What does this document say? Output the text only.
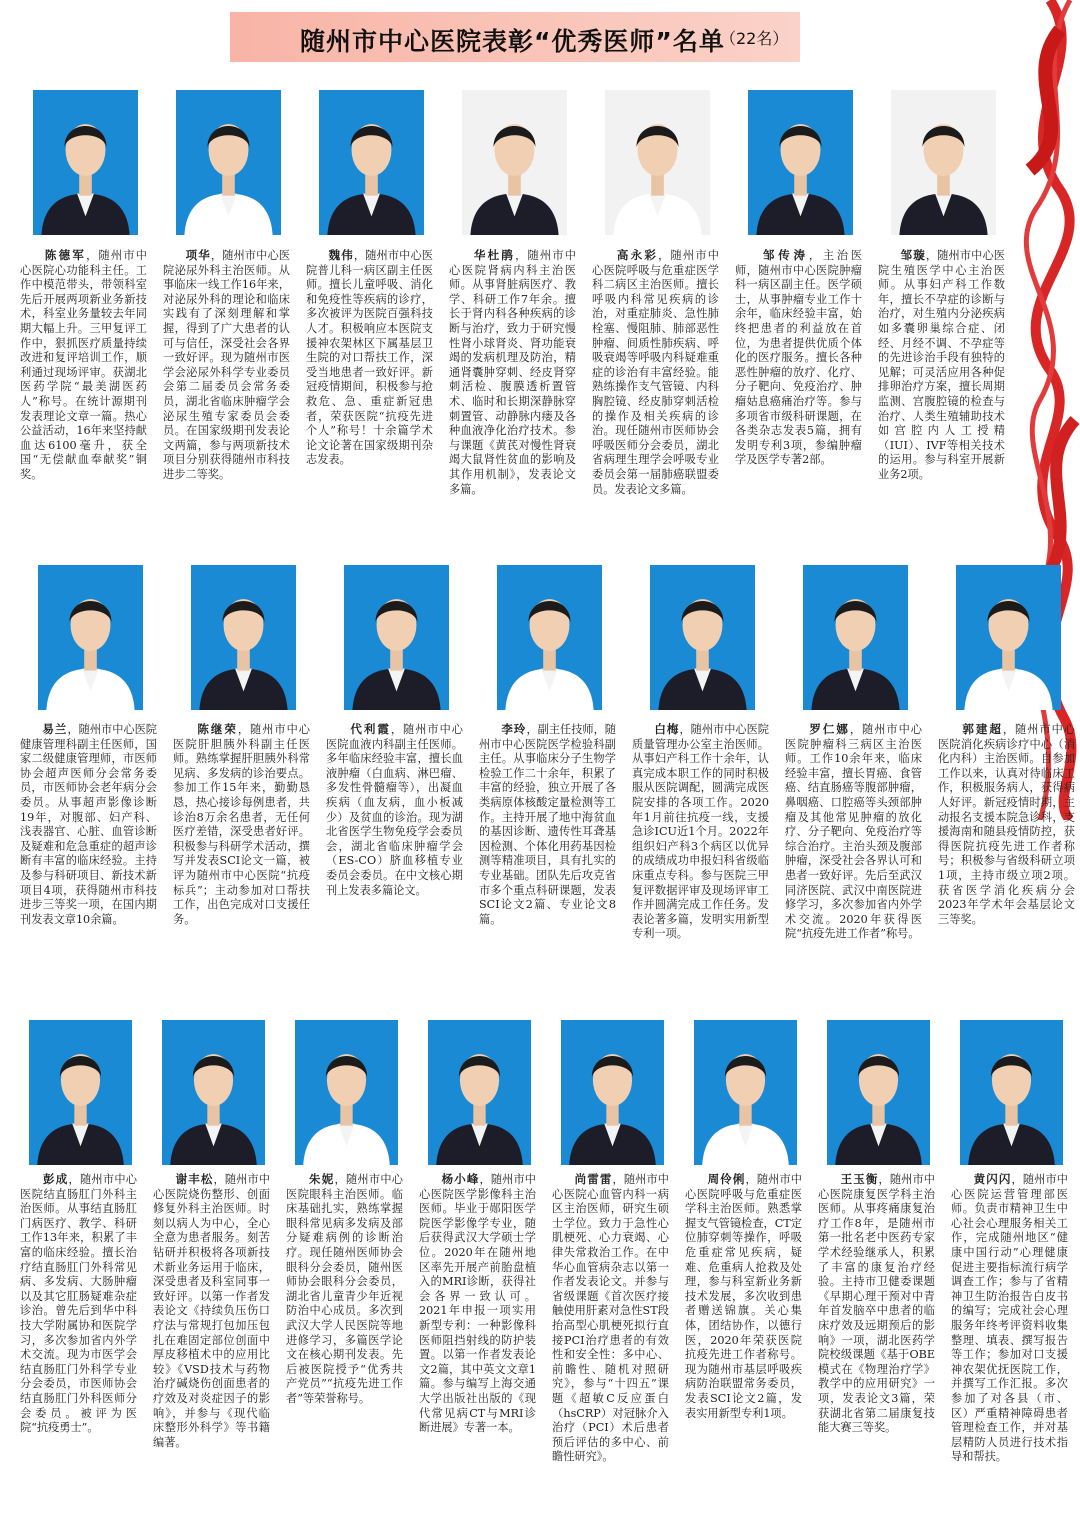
随州市中心医院表彰“优秀医师”名单
（22名）
　　陈德军，随州市中心医院心功能科主任。工作中模范带头，带领科室先后开展两项新业务新技术，科室业务量较去年同期大幅上升。三甲复评工作中，狠抓医疗质量持续改进和复评培训工作，顺利通过现场评审。获湖北医药学院“最美湖医药人”称号。在统计源期刊发表理论文章一篇。热心公益活动，16年来坚持献血达6100毫升，获全国“无偿献血奉献奖”铜奖。
　　项华，随州市中心医院泌尿外科主治医师。从事临床一线工作16年来，对泌尿外科的理论和临床实践有了深刻理解和掌握，得到了广大患者的认可与信任，深受社会各界一致好评。现为随州市医学会泌尿外科学专业委员会第二届委员会常务委员，湖北省临床肿瘤学会泌尿生殖专家委员会委员。在国家级期刊发表论文两篇，参与两项新技术项目分别获得随州市科技进步二等奖。
　　魏伟，随州市中心医院普儿科一病区副主任医师。擅长儿童呼吸、消化和免疫性等疾病的诊疗，多次被评为医院百强科技人才。积极响应本医院支援神农架林区下属基层卫生院的对口帮扶工作，深受当地患者一致好评。新冠疫情期间，积极参与抢救危、急、重症新冠患者，荣获医院“抗疫先进个人”称号！十余篇学术论文论著在国家级期刊杂志发表。
　　华杜鹃，随州市中心医院肾病内科主治医师。从事肾脏病医疗、教学、科研工作7年余。擅长于肾内科各种疾病的诊断与治疗，致力于研究慢性肾小球肾炎、肾功能衰竭的发病机理及防治，精通肾囊肿穿刺、经皮肾穿刺活检、腹膜透析置管术、临时和长期深静脉穿刺置管、动静脉内瘘及各种血液净化治疗技术。参与课题《黄芪对慢性肾衰竭大鼠肾性贫血的影响及其作用机制》，发表论文多篇。
　　高永彩，随州市中心医院呼吸与危重症医学科二病区主治医师。擅长呼吸内科常见疾病的诊治，对重症肺炎、急性肺栓塞、慢阻肺、肺部恶性肿瘤、间质性肺疾病、呼吸衰竭等呼吸内科疑难重症的诊治有丰富经验。能熟练操作支气管镜、内科胸腔镜、经皮肺穿刺活检的操作及相关疾病的诊治。现任随州市医师协会呼吸医师分会委员，湖北省病理生理学会呼吸专业委员会第一届肺癌联盟委员。发表论文多篇。
　　邹传涛，主治医师，随州市中心医院肿瘤科一病区副主任。医学硕士，从事肿瘤专业工作十余年，临床经验丰富，始终把患者的利益放在首位，为患者提供优质个体化的医疗服务。擅长各种恶性肿瘤的放疗、化疗、分子靶向、免疫治疗、肿瘤姑息癌痛治疗等。参与多项省市级科研课题，在各类杂志发表5篇，拥有发明专利3项，参编肿瘤学及医学专著2部。
　　邹璇，随州市中心医院生殖医学中心主治医师。从事妇产科工作数年，擅长不孕症的诊断与治疗，对生殖内分泌疾病如多囊卵巢综合症、闭经、月经不调、不孕症等的先进诊治手段有独特的见解；可灵活应用各种促排卵治疗方案，擅长周期监测、宫腹腔镜的检查与治疗、人类生殖辅助技术如宫腔内人工授精（IUI）、IVF等相关技术的运用。参与科室开展新业务2项。
　　易兰，随州市中心医院健康管理科副主任医师，国家二级健康管理师，市医师协会超声医师分会常务委员，市医师协会老年病分会委员。从事超声影像诊断19年，对腹部、妇产科、浅表器官、心脏、血管诊断及疑难和危急重症的超声诊断有丰富的临床经验。主持及参与科研项目、新技术新项目4项，获得随州市科技进步三等奖一项，在国内期刊发表文章10余篇。
　　陈继荣，随州市中心医院肝胆胰外科副主任医师。熟练掌握肝胆胰外科常见病、多发病的诊治要点。参加工作15年来，勤勤恳恳，热心接诊每例患者，共诊治8万余名患者，无任何医疗差错，深受患者好评。积极参与科研学术活动，撰写并发表SCI论文一篇，被评为随州市中心医院“抗疫标兵”；主动参加对口帮扶工作，出色完成对口支援任务。
　　代利霞，随州市中心医院血液内科副主任医师。多年临床经验丰富，擅长血液肿瘤（白血病、淋巴瘤、多发性骨髓瘤等），出凝血疾病（血友病，血小板减少）及贫血的诊治。现为湖北省医学生物免疫学会委员会，湖北省临床肿瘤学会（ES-CO）脐血移植专业委员会委员。在中文核心期刊上发表多篇论文。
　　李玲，副主任技师，随州市中心医院医学检验科副主任。从事临床分子生物学检验工作二十余年，积累了丰富的经验，独立开展了各类病原体核酸定量检测等工作。主持开展了地中海贫血的基因诊断、遗传性耳聋基因检测、个体化用药基因检测等精准项目，具有扎实的专业基础。团队先后攻克省市多个重点科研课题，发表SCI论文2篇、专业论文8篇。
　　白梅，随州市中心医院质量管理办公室主治医师。从事妇产科工作十余年，认真完成本职工作的同时积极服从医院调配，圆满完成医院安排的各项工作。2020年1月前往抗疫一线，支援急诊ICU近1个月。2022年组织妇产科3个病区以优异的成绩成功申报妇科省级临床重点专科。参与医院三甲复评数据评审及现场评审工作并圆满完成工作任务。发表论著多篇，发明实用新型专利一项。
　　罗仁娜，随州市中心医院肿瘤科三病区主治医师。工作10余年来，临床经验丰富，擅长胃癌、食管癌、结直肠癌等腹部肿瘤，鼻咽癌、口腔癌等头颈部肿瘤及其他常见肿瘤的放化疗、分子靶向、免疫治疗等综合治疗。主治头颈及腹部肿瘤，深受社会各界认可和患者一致好评。先后至武汉同济医院、武汉中南医院进修学习，多次参加省内外学术交流。2020年获得医院“抗疫先进工作者”称号。
　　郭建超，随州市中心医院消化疾病诊疗中心（消化内科）主治医师。自参加工作以来，认真对待临床工作，积极服务病人，获得病人好评。新冠疫情时期，主动报名支援本院急诊科，支援海南和随县疫情防控，获得医院抗疫先进工作者称号；积极参与省级科研立项1项，主持市级立项2项。获省医学消化疾病分会2023年学术年会基层论文三等奖。
　　彭成，随州市中心医院结直肠肛门外科主治医师。从事结直肠肛门病医疗、教学、科研工作13年来，积累了丰富的临床经验。擅长治疗结直肠肛门外科常见病、多发病、大肠肿瘤以及其它肛肠疑难杂症诊治。曾先后到华中科技大学附属协和医院学习，多次参加省内外学术交流。现为市医学会结直肠肛门外科学专业分会委员，市医师协会结直肠肛门外科医师分会委员。被评为医院“抗疫勇士”。
　　谢丰松，随州市中心医院烧伤整形、创面修复外科主治医师。时刻以病人为中心，全心全意为患者服务。刻苦钻研并积极将各项新技术新业务运用于临床，深受患者及科室同事一致好评。以第一作者发表论文《持续负压伤口疗法与常规打包加压包扎在难固定部位创面中厚皮移植术中的应用比较》《VSD技术与药物治疗碱烧伤创面患者的疗效及对炎症因子的影响》，并参与《现代临床整形外科学》等书籍编著。
　　朱妮，随州市中心医院眼科主治医师。临床基础扎实，熟练掌握眼科常见病多发病及部分疑难病例的诊断治疗。现任随州医师协会眼科分会委员，随州医师协会眼科分会委员，湖北省儿童青少年近视防治中心成员。多次到武汉大学人民医院等地进修学习，多篇医学论文在核心期刊发表。先后被医院授予“优秀共产党员”“抗疫先进工作者”等荣誉称号。
　　杨小峰，随州市中心医院医学影像科主治医师。毕业于郧阳医学院医学影像学专业，随后获得武汉大学硕士学位。2020年在随州地区率先开展产前胎盘植入的MRI诊断，获得社会各界一致认可。2021年申报一项实用新型专利：一种影像科医师阻挡射线的防护装置。以第一作者发表论文2篇，其中英文文章1篇。参与编写上海交通大学出版社出版的《现代常见病CT与MRI诊断进展》专著一本。
　　尚雷雷，随州市中心医院心血管内科一病区主治医师，研究生硕士学位。致力于急性心肌梗死、心力衰竭、心律失常救治工作。在中华心血管病杂志以第一作者发表论文。并参与省级课题《首次医疗接触使用肝素对急性ST段抬高型心肌梗死拟行直接PCI治疗患者的有效性和安全性：多中心、前瞻性、随机对照研究》，参与“十四五”课题《超敏C反应蛋白（hsCRP）对冠脉介入治疗（PCI）术后患者预后评估的多中心、前瞻性研究》。
　　周伶俐，随州市中心医院呼吸与危重症医学科主治医师。熟悉掌握支气管镜检查，CT定位肺穿刺等操作，呼吸危重症常见疾病，疑难、危重病人抢救及处理，参与科室新业务新技术发展，多次收到患者赠送锦旗。关心集体，团结协作，以德行医，2020年荣获医院抗疫先进工作者称号。现为随州市基层呼吸疾病防治联盟常务委员，发表SCI论文2篇，发表实用新型专利1项。
　　王玉衡，随州市中心医院康复医学科主治医师。从事疼痛康复治疗工作8年，是随州市第一批名老中医药专家学术经验继承人，积累了丰富的康复治疗经验。主持市卫健委课题《早期心理干预对中青年首发脑卒中患者的临床疗效及远期预后的影响》一项，湖北医药学院校级课题《基于OBE模式在《物理治疗学》教学中的应用研究》一项，发表论文3篇，荣获湖北省第二届康复技能大赛三等奖。
　　黄闪闪，随州市中心医院运营管理部医师。负责市精神卫生中心社会心理服务相关工作，完成随州地区“健康中国行动”心理健康促进主要指标流行病学调查工作；参与了省精神卫生防治报告白皮书的编写；完成社会心理服务年终考评资料收集整理、填表、撰写报告等工作；参加对口支援神农架优抚医院工作，并撰写工作汇报。多次参加了对各县（市、区）严重精神障碍患者管理检查工作，并对基层精防人员进行技术指导和帮扶。
